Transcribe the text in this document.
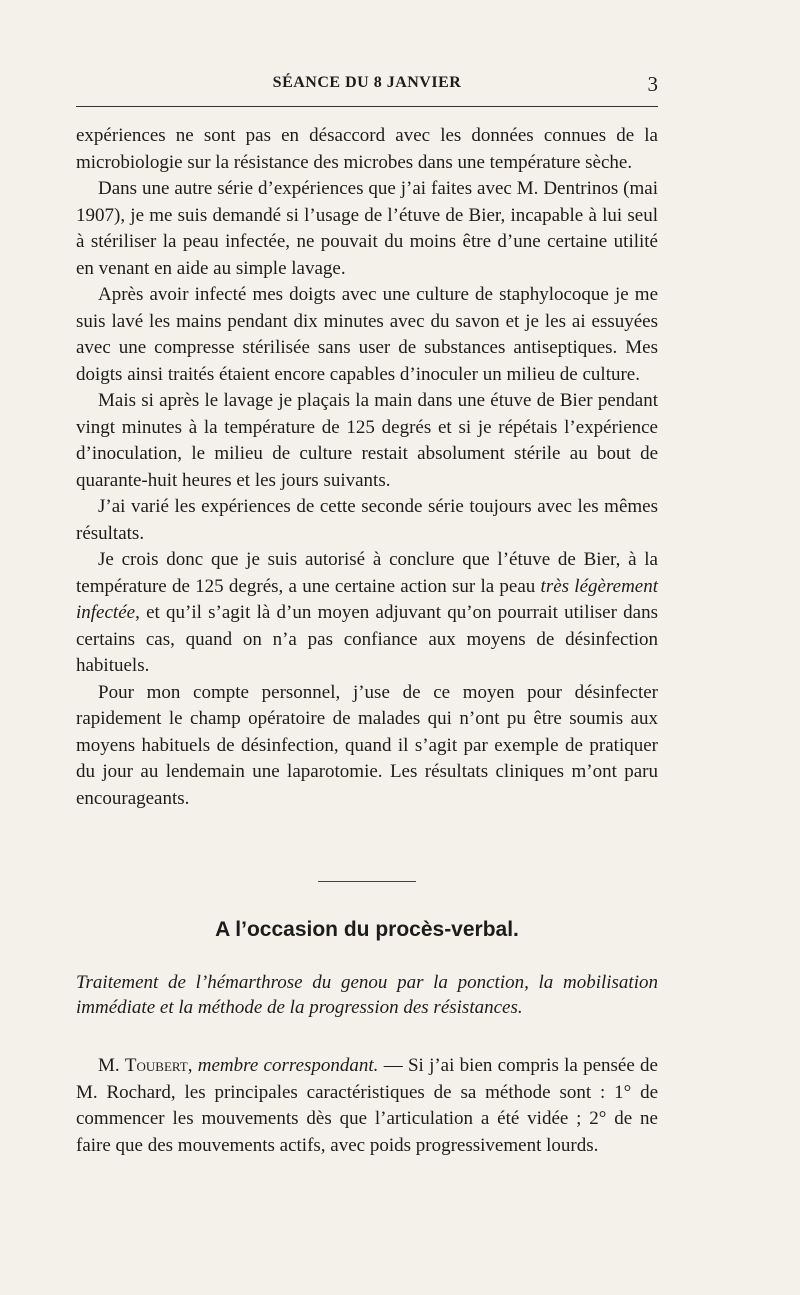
SÉANCE DU 8 JANVIER	3

expériences ne sont pas en désaccord avec les données connues de la microbiologie sur la résistance des microbes dans une température sèche.

Dans une autre série d’expériences que j’ai faites avec M. Dentrinos (mai 1907), je me suis demandé si l’usage de l’étuve de Bier, incapable à lui seul à stériliser la peau infectée, ne pouvait du moins être d’une certaine utilité en venant en aide au simple lavage.

Après avoir infecté mes doigts avec une culture de staphylocoque je me suis lavé les mains pendant dix minutes avec du savon et je les ai essuyées avec une compresse stérilisée sans user de substances antiseptiques. Mes doigts ainsi traités étaient encore capables d’inoculer un milieu de culture.

Mais si après le lavage je plaçais la main dans une étuve de Bier pendant vingt minutes à la température de 125 degrés et si je répétais l’expérience d’inoculation, le milieu de culture restait absolument stérile au bout de quarante-huit heures et les jours suivants.

J’ai varié les expériences de cette seconde série toujours avec les mêmes résultats.

Je crois donc que je suis autorisé à conclure que l’étuve de Bier, à la température de 125 degrés, a une certaine action sur la peau très légèrement infectée, et qu’il s’agit là d’un moyen adjuvant qu’on pourrait utiliser dans certains cas, quand on n’a pas confiance aux moyens de désinfection habituels.

Pour mon compte personnel, j’use de ce moyen pour désinfecter rapidement le champ opératoire de malades qui n’ont pu être soumis aux moyens habituels de désinfection, quand il s’agit par exemple de pratiquer du jour au lendemain une laparotomie. Les résultats cliniques m’ont paru encourageants.

A l’occasion du procès-verbal.
Traitement de l’hémarthrose du genou par la ponction, la mobilisation immédiate et la méthode de la progression des résistances.
M. Toubert, membre correspondant. — Si j’ai bien compris la pensée de M. Rochard, les principales caractéristiques de sa méthode sont : 1° de commencer les mouvements dès que l’articulation a été vidée ; 2° de ne faire que des mouvements actifs, avec poids progressivement lourds.
